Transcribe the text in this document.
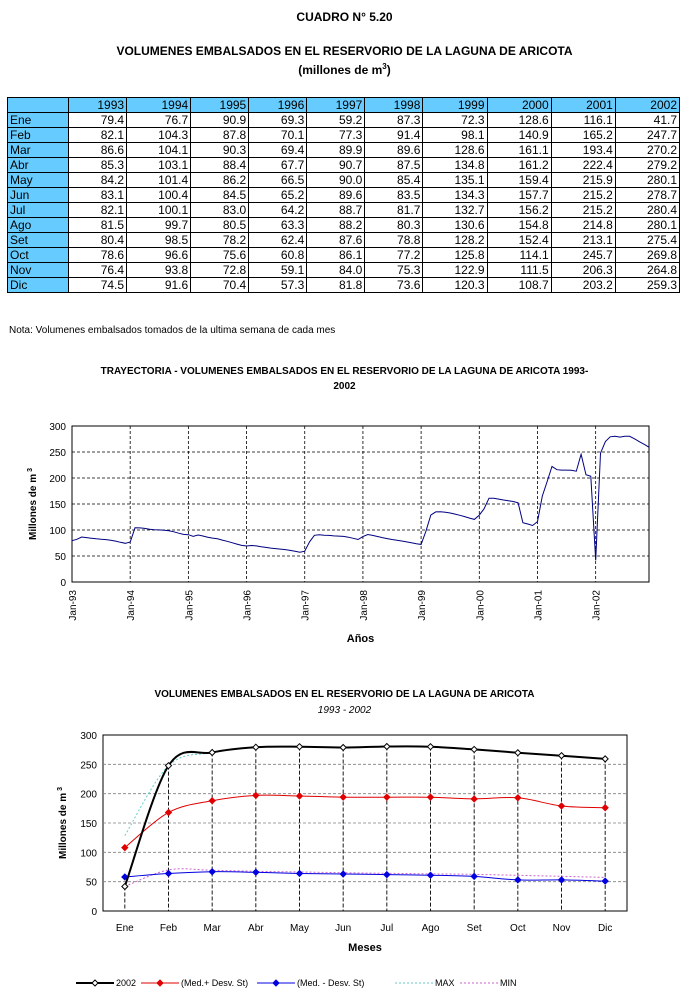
CUADRO N° 5.20
VOLUMENES EMBALSADOS EN EL RESERVORIO DE LA LAGUNA DE ARICOTA
(millones de $m^3$)
	1993	1994	1995	1996	1997	1998	1999	2000	2001	2002
Ene	79.4	76.7	90.9	69.3	59.2	87.3	72.3	128.6	116.1	41.7
Feb	82.1	104.3	87.8	70.1	77.3	91.4	98.1	140.9	165.2	247.7
Mar	86.6	104.1	90.3	69.4	89.9	89.6	128.6	161.1	193.4	270.2
Abr	85.3	103.1	88.4	67.7	90.7	87.5	134.8	161.2	222.4	279.2
May	84.2	101.4	86.2	66.5	90.0	85.4	135.1	159.4	215.9	280.1
Jun	83.1	100.4	84.5	65.2	89.6	83.5	134.3	157.7	215.2	278.7
Jul	82.1	100.1	83.0	64.2	88.7	81.7	132.7	156.2	215.2	280.4
Ago	81.5	99.7	80.5	63.3	88.2	80.3	130.6	154.8	214.8	280.1
Set	80.4	98.5	78.2	62.4	87.6	78.8	128.2	152.4	213.1	275.4
Oct	78.6	96.6	75.6	60.8	86.1	77.2	125.8	114.1	245.7	269.8
Nov	76.4	93.8	72.8	59.1	84.0	75.3	122.9	111.5	206.3	264.8
Dic	74.5	91.6	70.4	57.3	81.8	73.6	120.3	108.7	203.2	259.3
Nota: Volumenes embalsados tomados de la ultima semana de cada mes
TRAYECTORIA - VOLUMENES EMBALSADOS EN EL RESERVORIO DE LA LAGUNA DE ARICOTA 1993-
2002
0
50
100
150
200
250
300
Jan-93	Jan-94	Jan-95	Jan-96	Jan-97	Jan-98	Jan-99	Jan-00	Jan-01	Jan-02
Años
Millones de m $^3$
VOLUMENES EMBALSADOS EN EL RESERVORIO DE LA LAGUNA DE ARICOTA
1993 - 2002
0
50
100
150
200
250
300
Ene	Feb	Mar	Abr	May	Jun	Jul	Ago	Set	Oct	Nov	Dic
Meses
Millones de m $^3$
2002	(Med.+ Desv. St)	(Med. - Desv. St)	MAX	MIN
